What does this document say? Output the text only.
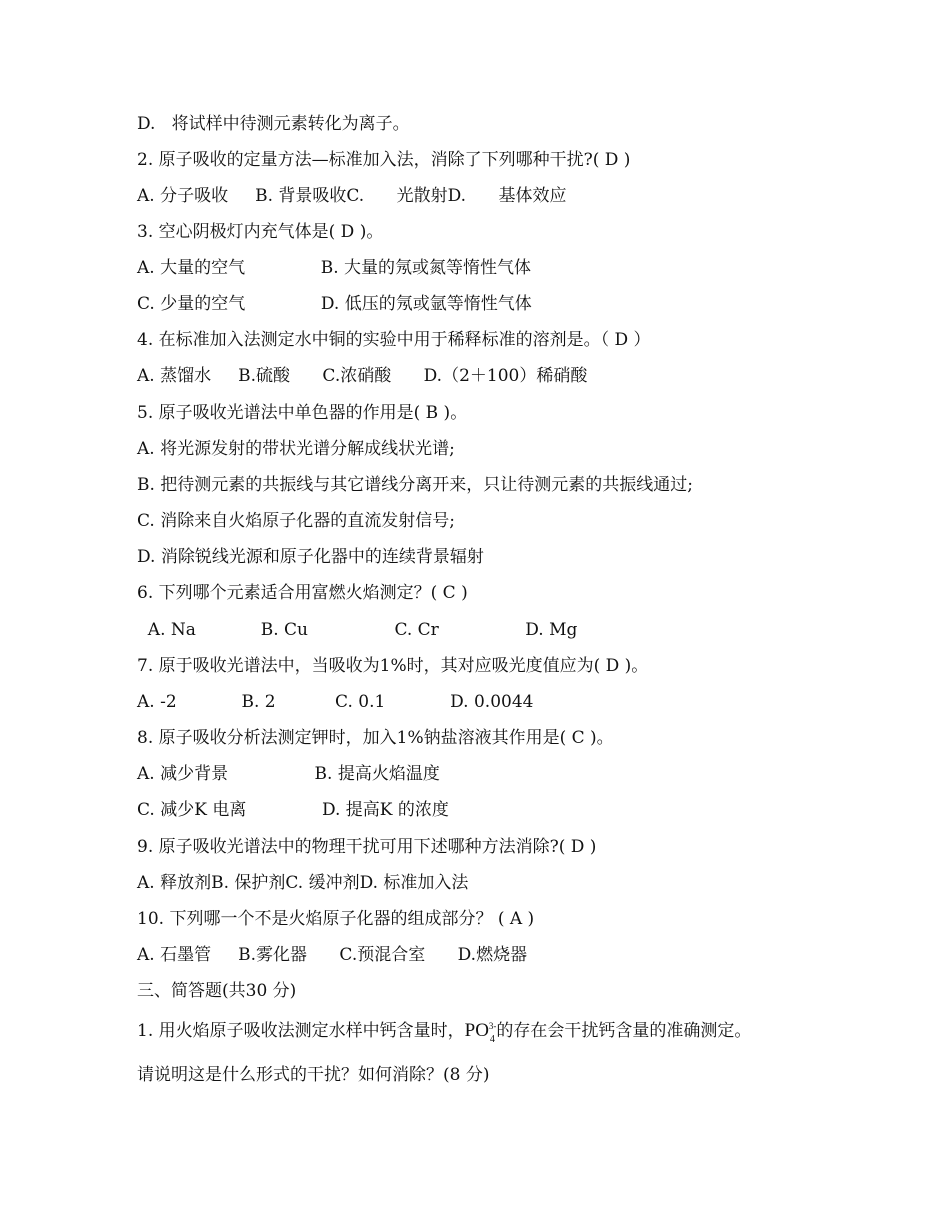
D.   将试样中待测元素转化为离子。
2. 原子吸收的定量方法—标准加入法，消除了下列哪种干扰?( D )
A. 分子吸收     B. 背景吸收C.      光散射D.      基体效应
3. 空心阴极灯内充气体是( D )。
A. 大量的空气              B. 大量的氖或氮等惰性气体
C. 少量的空气              D. 低压的氖或氩等惰性气体
4. 在标准加入法测定水中铜的实验中用于稀释标准的溶剂是。（ D ）
A. 蒸馏水     B.硫酸      C.浓硝酸      D.（2＋100）稀硝酸
5. 原子吸收光谱法中单色器的作用是( B )。
A. 将光源发射的带状光谱分解成线状光谱;
B. 把待测元素的共振线与其它谱线分离开来，只让待测元素的共振线通过;
C. 消除来自火焰原子化器的直流发射信号;
D. 消除锐线光源和原子化器中的连续背景辐射
6. 下列哪个元素适合用富燃火焰测定？( C )
A. Na            B. Cu                C. Cr                D. Mg
7. 原于吸收光谱法中，当吸收为1%时，其对应吸光度值应为( D )。
A. -2            B. 2           C. 0.1            D. 0.0044
8. 原子吸收分析法测定钾时，加入1%钠盐溶液其作用是( C )。
A. 减少背景                B. 提高火焰温度
C. 减少K 电离              D. 提高K 的浓度
9. 原子吸收光谱法中的物理干扰可用下述哪种方法消除?( D )
A. 释放剂B. 保护剂C. 缓冲剂D. 标准加入法
10. 下列哪一个不是火焰原子化器的组成部分？ ( A )
A. 石墨管     B.雾化器      C.预混合室      D.燃烧器
三、简答题(共30 分)
1. 用火焰原子吸收法测定水样中钙含量时，$PO_4^{3-}$的存在会干扰钙含量的准确测定。
请说明这是什么形式的干扰？如何消除？(8 分)
